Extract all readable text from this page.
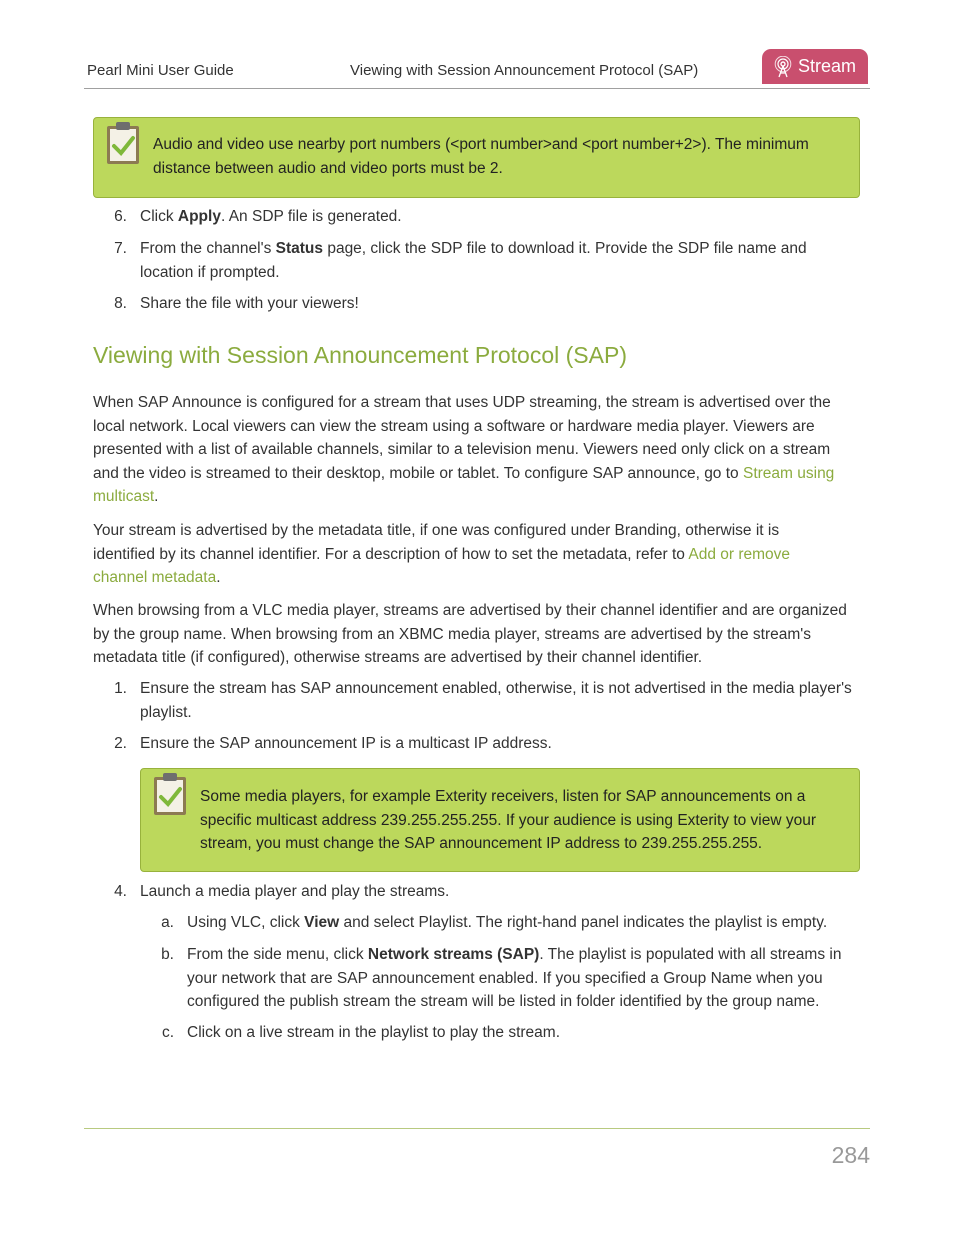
Pearl Mini User Guide	Viewing with Session Announcement Protocol (SAP)	Stream
Audio and video use nearby port numbers (<port number>and <port number+2>). The minimum
distance between audio and video ports must be 2.
6. Click Apply. An SDP file is generated.
7. From the channel's Status page, click the SDP file to download it. Provide the SDP file name and
location if prompted.
8. Share the file with your viewers!
Viewing with Session Announcement Protocol (SAP)
When SAP Announce is configured for a stream that uses UDP streaming, the stream is advertised over the
local network. Local viewers can view the stream using a software or hardware media player. Viewers are
presented with a list of available channels, similar to a television menu. Viewers need only click on a stream
and the video is streamed to their desktop, mobile or tablet. To configure SAP announce, go to Stream using
multicast.
Your stream is advertised by the metadata title, if one was configured under Branding, otherwise it is
identified by its channel identifier. For a description of how to set the metadata, refer to Add or remove
channel metadata.
When browsing from a VLC media player, streams are advertised by their channel identifier and are organized
by the group name. When browsing from an XBMC media player, streams are advertised by the stream's
metadata title (if configured), otherwise streams are advertised by their channel identifier.
1. Ensure the stream has SAP announcement enabled, otherwise, it is not advertised in the media player's
playlist.
2. Ensure the SAP announcement IP is a multicast IP address.
Some media players, for example Exterity receivers, listen for SAP announcements on a
specific multicast address 239.255.255.255. If your audience is using Exterity to view your
stream, you must change the SAP announcement IP address to 239.255.255.255.
4. Launch a media player and play the streams.
a. Using VLC, click View and select Playlist. The right-hand panel indicates the playlist is empty.
b. From the side menu, click Network streams (SAP). The playlist is populated with all streams in
your network that are SAP announcement enabled. If you specified a Group Name when you
configured the publish stream the stream will be listed in folder identified by the group name.
c. Click on a live stream in the playlist to play the stream.
284
